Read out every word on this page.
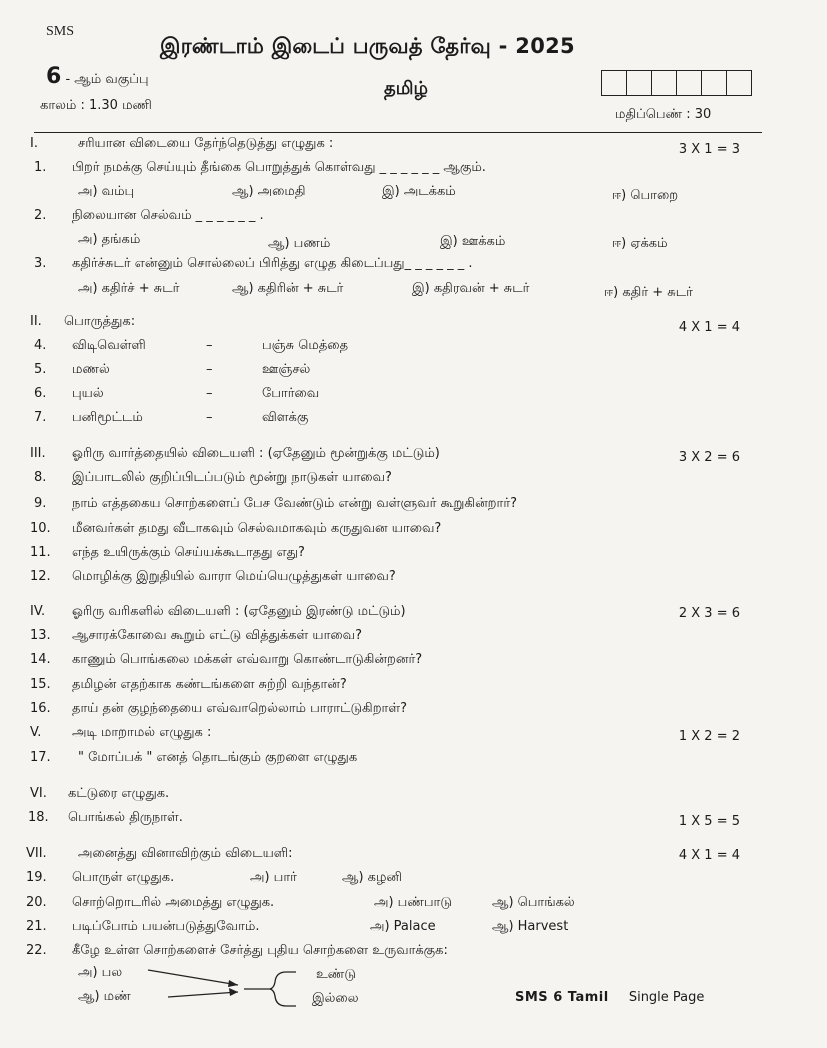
SMS
இரண்டாம் இடைப் பருவத் தேர்வு - 2025
6 - ஆம் வகுப்பு	தமிழ்
காலம் : 1.30 மணி
மதிப்பெண் : 30
I.	சரியான விடையை தேர்ந்தெடுத்து எழுதுக :	3 X 1 = 3
1. பிறர் நமக்கு செய்யும் தீங்கை பொறுத்துக் கொள்வது _ _ _ _ _ _ ஆகும்.
அ) வம்பு	ஆ) அமைதி	இ) அடக்கம்	ஈ) பொறை
2. நிலையான செல்வம் _ _ _ _ _ _ .
அ) தங்கம்	ஆ) பணம்	இ) ஊக்கம்	ஈ) ஏக்கம்
3. கதிர்ச்சுடர் என்னும் சொல்லைப் பிரித்து எழுத கிடைப்பது_ _ _ _ _ _ .
அ) கதிர்ச் + சுடர்	ஆ) கதிரின் + சுடர்	இ) கதிரவன் + சுடர்	ஈ) கதிர் + சுடர்
II. பொருத்துக:	4 X 1 = 4
4. விடிவெள்ளி	–	பஞ்சு மெத்தை
5. மணல்	–	ஊஞ்சல்
6. புயல்	–	போர்வை
7. பனிமூட்டம்	–	விளக்கு
III. ஓரிரு வார்த்தையில் விடையளி : (ஏதேனும் மூன்றுக்கு மட்டும்)	3 X 2 = 6
8. இப்பாடலில் குறிப்பிடப்படும் மூன்று நாடுகள் யாவை?
9. நாம் எத்தகைய சொற்களைப் பேச வேண்டும் என்று வள்ளுவர் கூறுகின்றார்?
10. மீனவர்கள் தமது வீடாகவும் செல்வமாகவும் கருதுவன யாவை?
11. எந்த உயிருக்கும் செய்யக்கூடாதது எது?
12. மொழிக்கு இறுதியில் வாரா மெய்யெழுத்துகள் யாவை?
IV. ஓரிரு வரிகளில் விடையளி : (ஏதேனும் இரண்டு மட்டும்)	2 X 3 = 6
13. ஆசாரக்கோவை கூறும் எட்டு வித்துக்கள் யாவை?
14. காணும் பொங்கலை மக்கள் எவ்வாறு கொண்டாடுகின்றனர்?
15. தமிழன் எதற்காக கண்டங்களை சுற்றி வந்தான்?
16. தாய் தன் குழந்தையை எவ்வாறெல்லாம் பாராட்டுகிறாள்?
V. அடி மாறாமல் எழுதுக :	1 X 2 = 2
17. " மோப்பக் " எனத் தொடங்கும் குறளை எழுதுக
VI. கட்டுரை எழுதுக.
18. பொங்கல் திருநாள்.	1 X 5 = 5
VII. அனைத்து வினாவிற்கும் விடையளி:	4 X 1 = 4
19. பொருள் எழுதுக.	அ) பார்	ஆ) கழனி
20. சொற்றொடரில் அமைத்து எழுதுக.	அ) பண்பாடு	ஆ) பொங்கல்
21. படிப்போம் பயன்படுத்துவோம்.	அ) Palace	ஆ) Harvest
22. கீழே உள்ள சொற்களைச் சேர்த்து புதிய சொற்களை உருவாக்குக:
அ) பல
ஆ) மண்
உண்டு
இல்லை	SMS 6 Tamil Single Page
